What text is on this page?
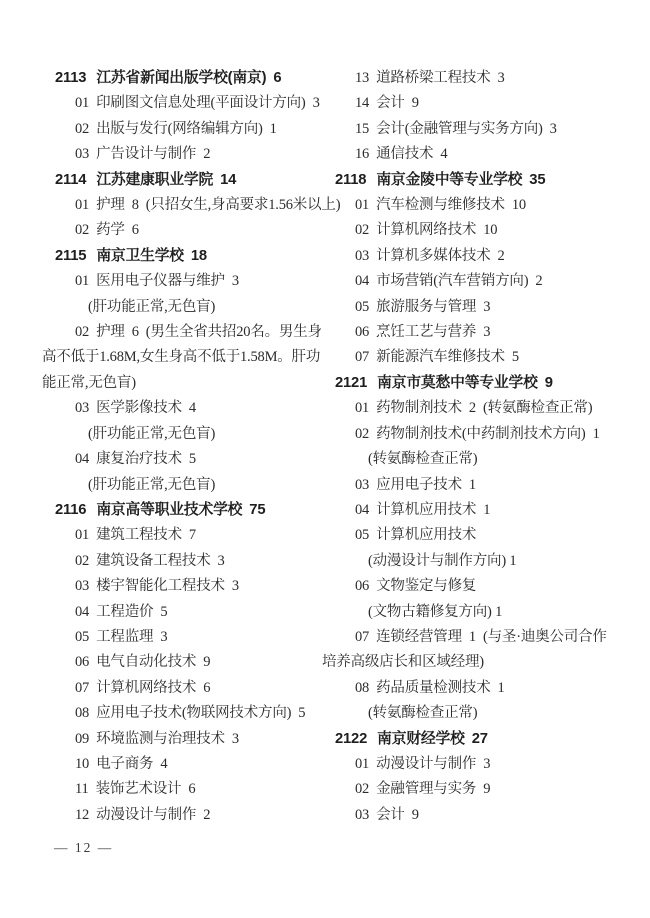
2113 江苏省新闻出版学校(南京) 6
01 印刷图文信息处理(平面设计方向) 3
02 出版与发行(网络编辑方向) 1
03 广告设计与制作 2
2114 江苏建康职业学院 14
01 护理 8 (只招女生,身高要求1.56米以上)
02 药学 6
2115 南京卫生学校 18
01 医用电子仪器与维护 3
(肝功能正常,无色盲)
02 护理 6 (男生全省共招20名。男生身
高不低于1.68M,女生身高不低于1.58M。肝功
能正常,无色盲)
03 医学影像技术 4
(肝功能正常,无色盲)
04 康复治疗技术 5
(肝功能正常,无色盲)
2116 南京高等职业技术学校 75
01 建筑工程技术 7
02 建筑设备工程技术 3
03 楼宇智能化工程技术 3
04 工程造价 5
05 工程监理 3
06 电气自动化技术 9
07 计算机网络技术 6
08 应用电子技术(物联网技术方向) 5
09 环境监测与治理技术 3
10 电子商务 4
11 装饰艺术设计 6
12 动漫设计与制作 2
13 道路桥梁工程技术 3
14 会计 9
15 会计(金融管理与实务方向) 3
16 通信技术 4
2118 南京金陵中等专业学校 35
01 汽车检测与维修技术 10
02 计算机网络技术 10
03 计算机多媒体技术 2
04 市场营销(汽车营销方向) 2
05 旅游服务与管理 3
06 烹饪工艺与营养 3
07 新能源汽车维修技术 5
2121 南京市莫愁中等专业学校 9
01 药物制剂技术 2 (转氨酶检查正常)
02 药物制剂技术(中药制剂技术方向) 1
(转氨酶检查正常)
03 应用电子技术 1
04 计算机应用技术 1
05 计算机应用技术
(动漫设计与制作方向) 1
06 文物鉴定与修复
(文物古籍修复方向) 1
07 连锁经营管理 1 (与圣·迪奥公司合作
培养高级店长和区域经理)
08 药品质量检测技术 1
(转氨酶检查正常)
2122 南京财经学校 27
01 动漫设计与制作 3
02 金融管理与实务 9
03 会计 9
— 12 —
